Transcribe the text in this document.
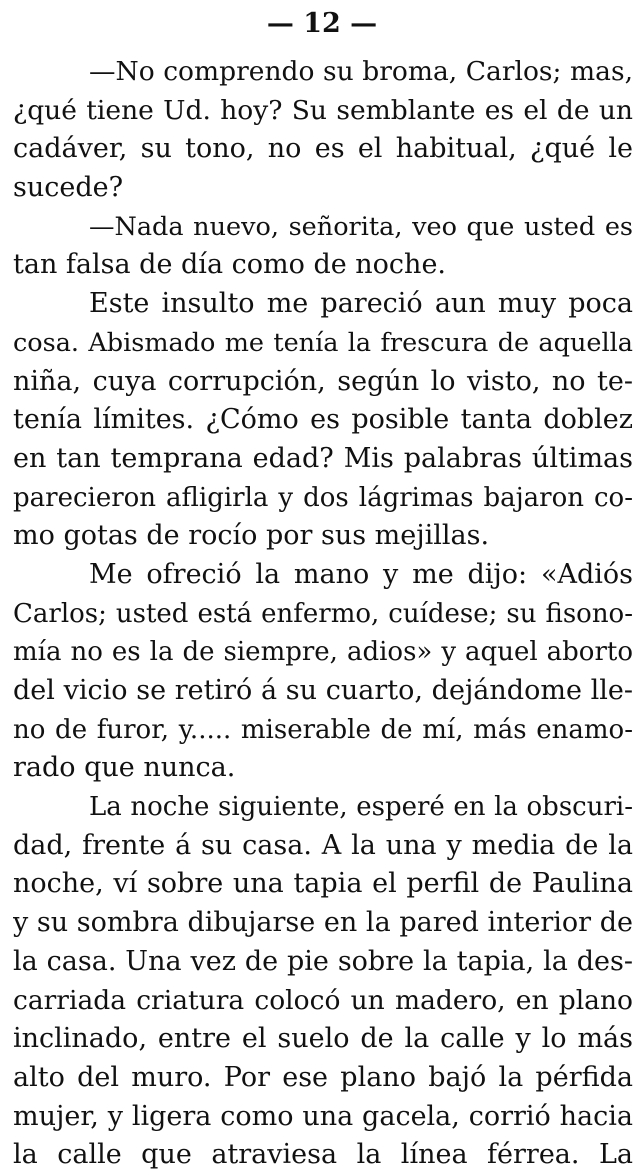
— 12 —
—No comprendo su broma, Carlos; mas,
¿qué tiene Ud. hoy? Su semblante es el de un
cadáver, su tono, no es el habitual, ¿qué le
sucede?
—Nada nuevo, señorita, veo que usted es
tan falsa de día como de noche.
Este insulto me pareció aun muy poca
cosa. Abismado me tenía la frescura de aquella
niña, cuya corrupción, según lo visto, no te-
tenía límites. ¿Cómo es posible tanta doblez
en tan temprana edad? Mis palabras últimas
parecieron afligirla y dos lágrimas bajaron co-
mo gotas de rocío por sus mejillas.
Me ofreció la mano y me dijo: «Adiós
Carlos; usted está enfermo, cuídese; su fisono-
mía no es la de siempre, adios» y aquel aborto
del vicio se retiró á su cuarto, dejándome lle-
no de furor, y..... miserable de mí, más enamo-
rado que nunca.
La noche siguiente, esperé en la obscuri-
dad, frente á su casa. A la una y media de la
noche, ví sobre una tapia el perfil de Paulina
y su sombra dibujarse en la pared interior de
la casa. Una vez de pie sobre la tapia, la des-
carriada criatura colocó un madero, en plano
inclinado, entre el suelo de la calle y lo más
alto del muro. Por ese plano bajó la pérfida
mujer, y ligera como una gacela, corrió hacia
la calle que atraviesa la línea férrea. La
